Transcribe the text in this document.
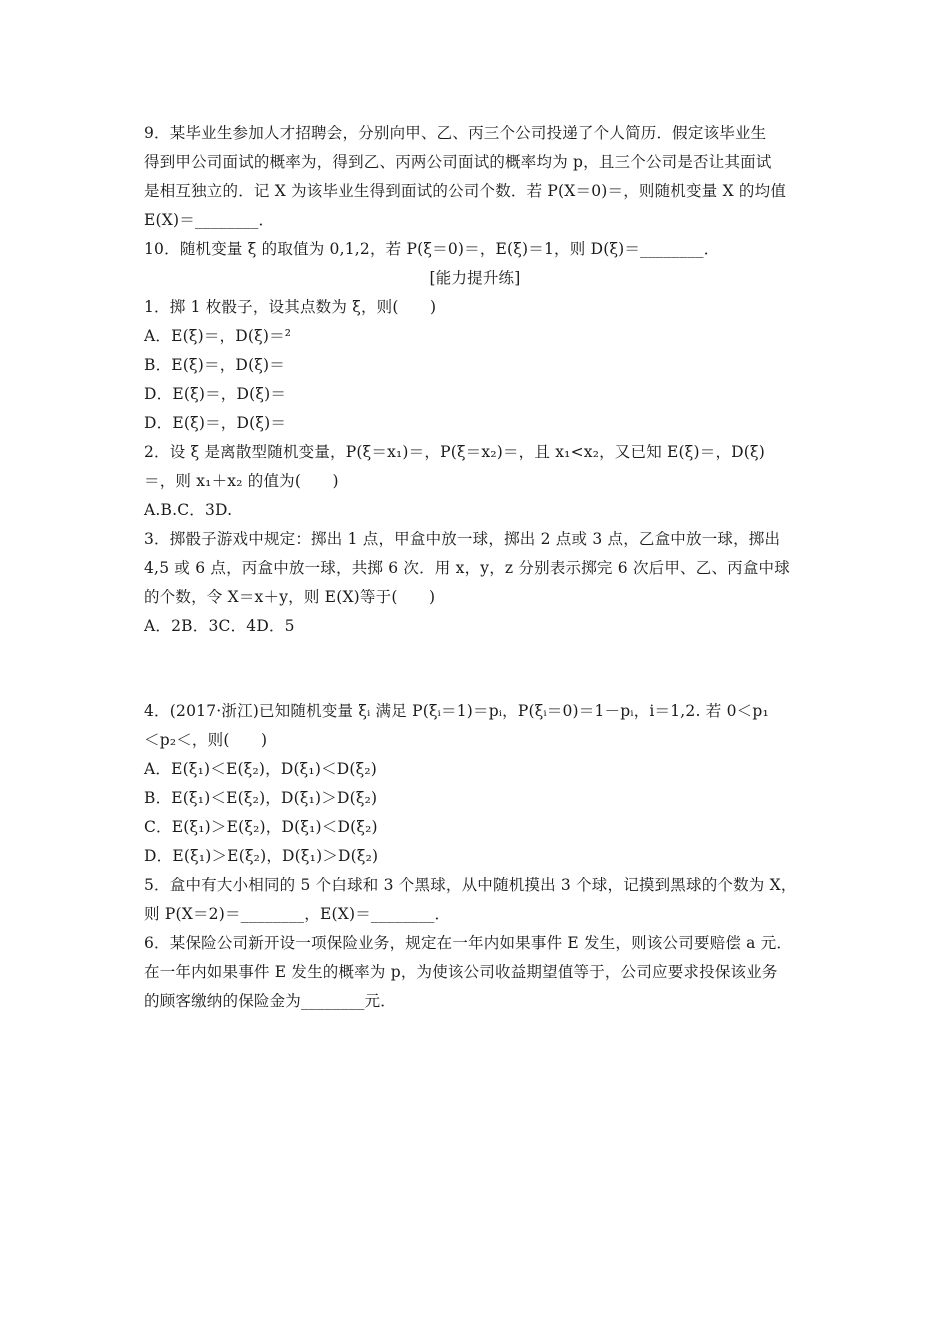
9．某毕业生参加人才招聘会，分别向甲、乙、丙三个公司投递了个人简历．假定该毕业生
得到甲公司面试的概率为，得到乙、丙两公司面试的概率均为 p，且三个公司是否让其面试
是相互独立的．记 X 为该毕业生得到面试的公司个数．若 P(X＝0)＝，则随机变量 X 的均值
E(X)＝________．
10．随机变量 ξ 的取值为 0,1,2，若 P(ξ＝0)＝，E(ξ)＝1，则 D(ξ)＝________．
[能力提升练]
1．掷 1 枚骰子，设其点数为 ξ，则(　　)
A．E(ξ)＝，D(ξ)＝²
B．E(ξ)＝，D(ξ)＝
D．E(ξ)＝，D(ξ)＝
D．E(ξ)＝，D(ξ)＝
2．设 ξ 是离散型随机变量，P(ξ＝x₁)＝，P(ξ＝x₂)＝，且 x₁<x₂，又已知 E(ξ)＝，D(ξ)
＝，则 x₁＋x₂ 的值为(　　)
A.B.C．3D.
3．掷骰子游戏中规定：掷出 1 点，甲盒中放一球，掷出 2 点或 3 点，乙盒中放一球，掷出
4,5 或 6 点，丙盒中放一球，共掷 6 次．用 x，y，z 分别表示掷完 6 次后甲、乙、丙盒中球
的个数，令 X＝x＋y，则 E(X)等于(　　)
A．2B．3C．4D．5
4．(2017·浙江)已知随机变量 ξᵢ 满足 P(ξᵢ＝1)＝pᵢ，P(ξᵢ＝0)＝1－pᵢ，i＝1,2. 若 0＜p₁
＜p₂＜，则(　　)
A．E(ξ₁)＜E(ξ₂)，D(ξ₁)＜D(ξ₂)
B．E(ξ₁)＜E(ξ₂)，D(ξ₁)＞D(ξ₂)
C．E(ξ₁)＞E(ξ₂)，D(ξ₁)＜D(ξ₂)
D．E(ξ₁)＞E(ξ₂)，D(ξ₁)＞D(ξ₂)
5．盒中有大小相同的 5 个白球和 3 个黑球，从中随机摸出 3 个球，记摸到黑球的个数为 X，
则 P(X＝2)＝________，E(X)＝________．
6．某保险公司新开设一项保险业务，规定在一年内如果事件 E 发生，则该公司要赔偿 a 元．
在一年内如果事件 E 发生的概率为 p，为使该公司收益期望值等于，公司应要求投保该业务
的顾客缴纳的保险金为________元．
